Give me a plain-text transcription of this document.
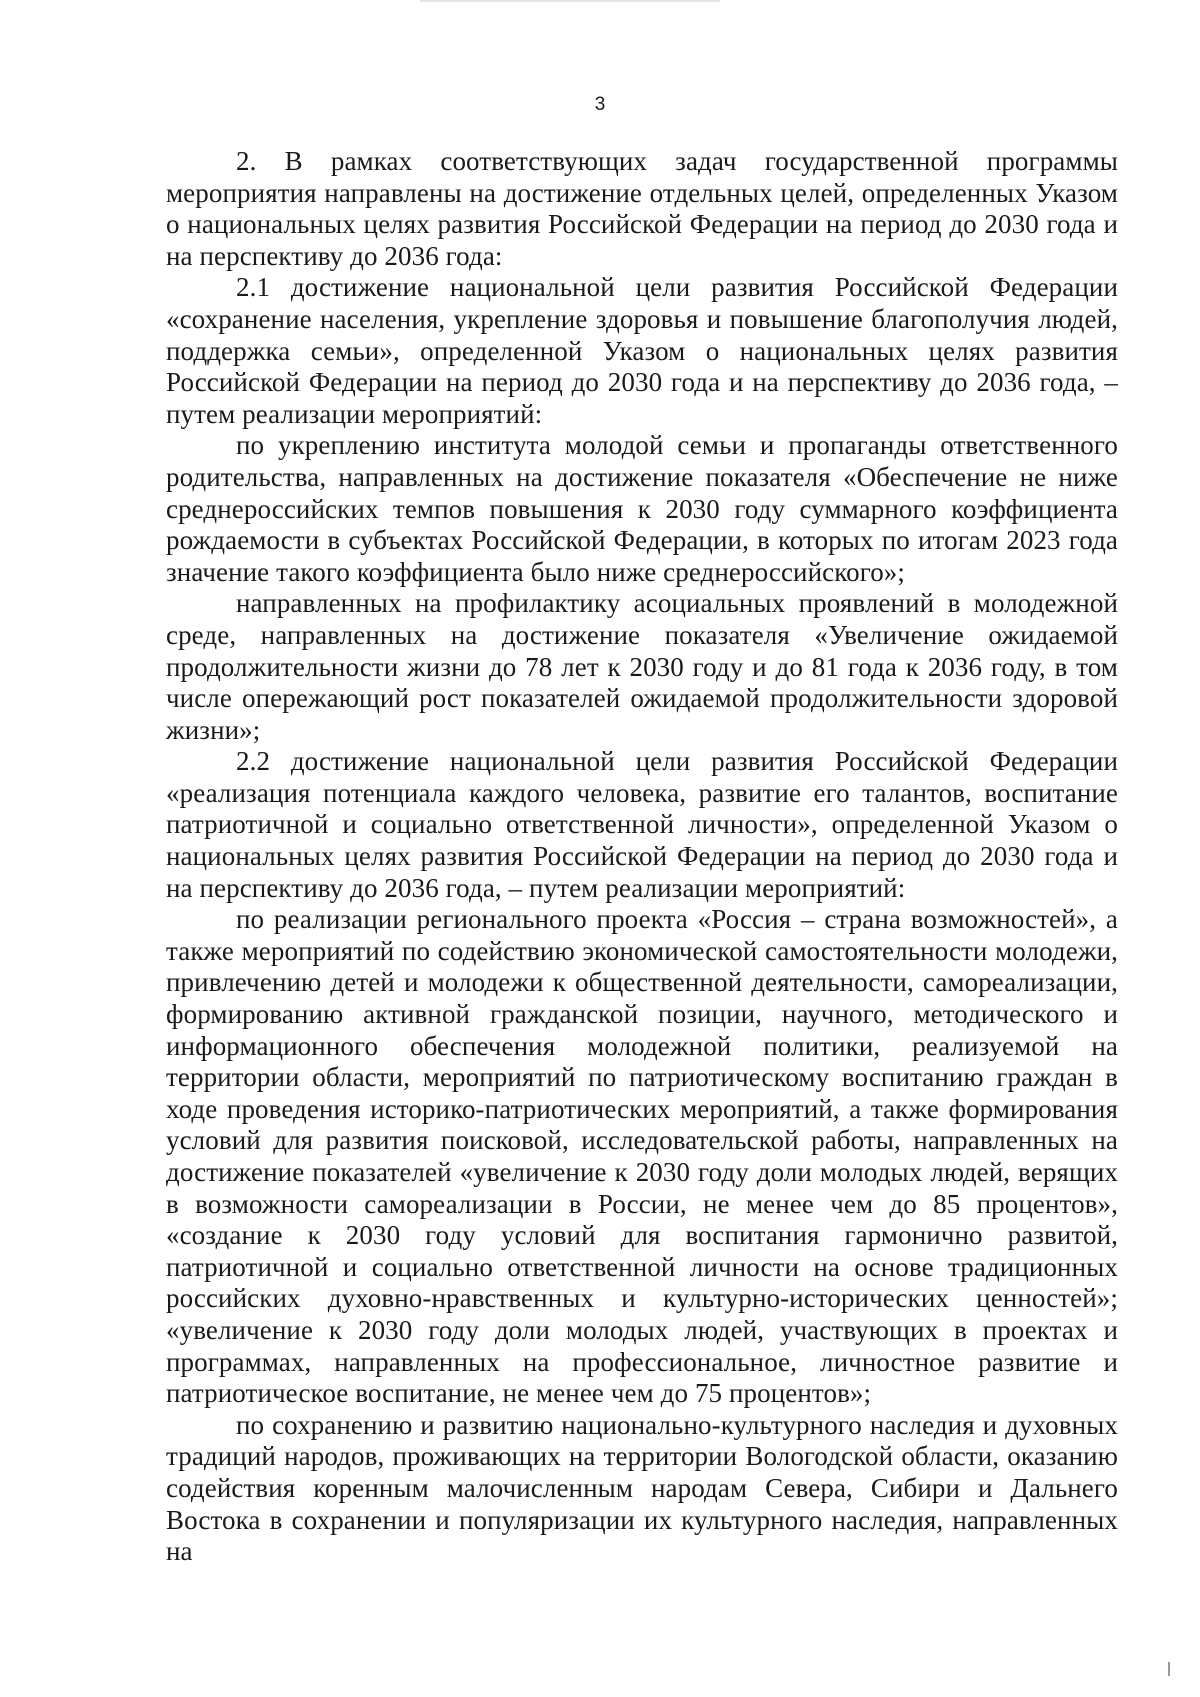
3

2. В рамках соответствующих задач государственной программы мероприятия направлены на достижение отдельных целей, определенных Указом о национальных целях развития Российской Федерации на период до 2030 года и на перспективу до 2036 года:

2.1 достижение национальной цели развития Российской Федерации «сохранение населения, укрепление здоровья и повышение благополучия людей, поддержка семьи», определенной Указом о национальных целях развития Российской Федерации на период до 2030 года и на перспективу до 2036 года, – путем реализации мероприятий:

по укреплению института молодой семьи и пропаганды ответственного родительства, направленных на достижение показателя «Обеспечение не ниже среднероссийских темпов повышения к 2030 году суммарного коэффициента рождаемости в субъектах Российской Федерации, в которых по итогам 2023 года значение такого коэффициента было ниже среднероссийского»;

направленных на профилактику асоциальных проявлений в молодежной среде, направленных на достижение показателя «Увеличение ожидаемой продолжительности жизни до 78 лет к 2030 году и до 81 года к 2036 году, в том числе опережающий рост показателей ожидаемой продолжительности здоровой жизни»;

2.2 достижение национальной цели развития Российской Федерации «реализация потенциала каждого человека, развитие его талантов, воспитание патриотичной и социально ответственной личности», определенной Указом о национальных целях развития Российской Федерации на период до 2030 года и на перспективу до 2036 года, – путем реализации мероприятий:

по реализации регионального проекта «Россия – страна возможностей», а также мероприятий по содействию экономической самостоятельности молодежи, привлечению детей и молодежи к общественной деятельности, самореализации, формированию активной гражданской позиции, научного, методического и информационного обеспечения молодежной политики, реализуемой на территории области, мероприятий по патриотическому воспитанию граждан в ходе проведения историко-патриотических мероприятий, а также формирования условий для развития поисковой, исследовательской работы, направленных на достижение показателей «увеличение к 2030 году доли молодых людей, верящих в возможности самореализации в России, не менее чем до 85 процентов», «создание к 2030 году условий для воспитания гармонично развитой, патриотичной и социально ответственной личности на основе традиционных российских духовно-нравственных и культурно-исторических ценностей»; «увеличение к 2030 году доли молодых людей, участвующих в проектах и программах, направленных на профессиональное, личностное развитие и патриотическое воспитание, не менее чем до 75 процентов»;

по сохранению и развитию национально-культурного наследия и духовных традиций народов, проживающих на территории Вологодской области, оказанию содействия коренным малочисленным народам Севера, Сибири и Дальнего Востока в сохранении и популяризации их культурного наследия, направленных на
